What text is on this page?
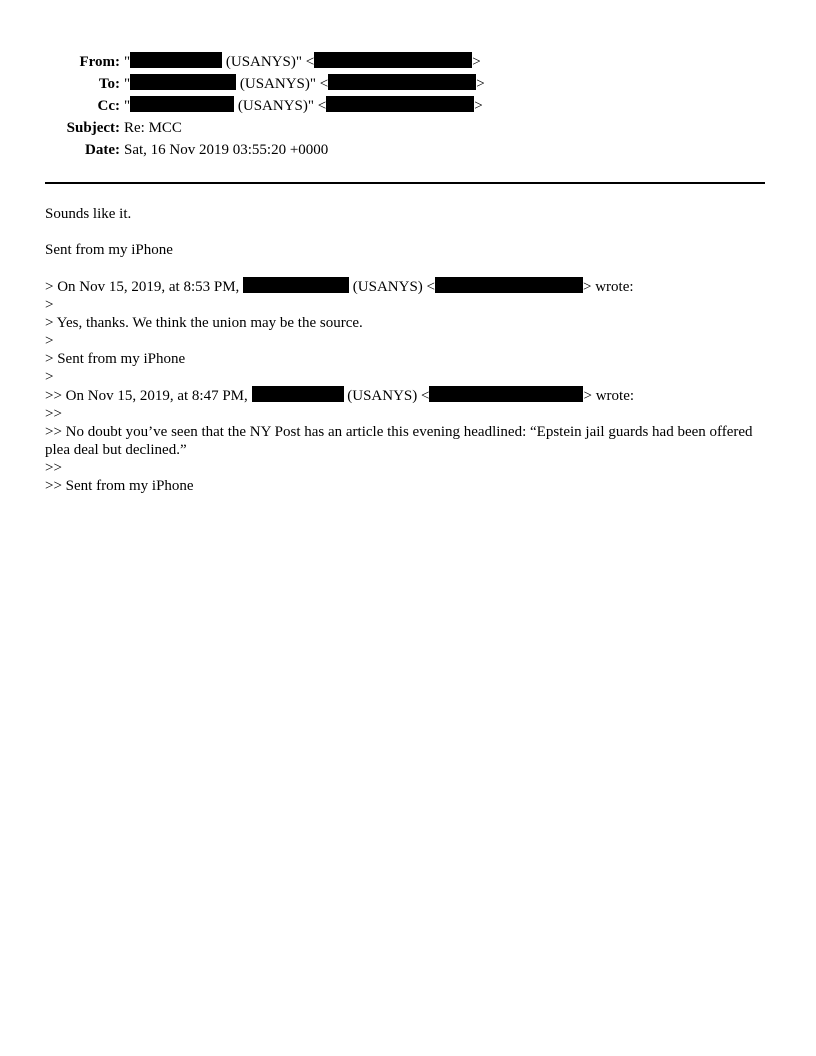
From: "	(USANYS)" <	>
To: "	(USANYS)" <	>
Cc: "	(USANYS)" <	>
Subject: Re: MCC
Date: Sat, 16 Nov 2019 03:55:20 +0000
Sounds like it.
Sent from my iPhone
> On Nov 15, 2019, at 8:53 PM,	(USANYS) <	> wrote:
>
> Yes, thanks. We think the union may be the source.
>
> Sent from my iPhone
>
>> On Nov 15, 2019, at 8:47 PM,	(USANYS) <	> wrote:
>>
>> No doubt you’ve seen that the NY Post has an article this evening headlined: “Epstein jail guards had been offered plea deal but declined.”
>>
>> Sent from my iPhone
